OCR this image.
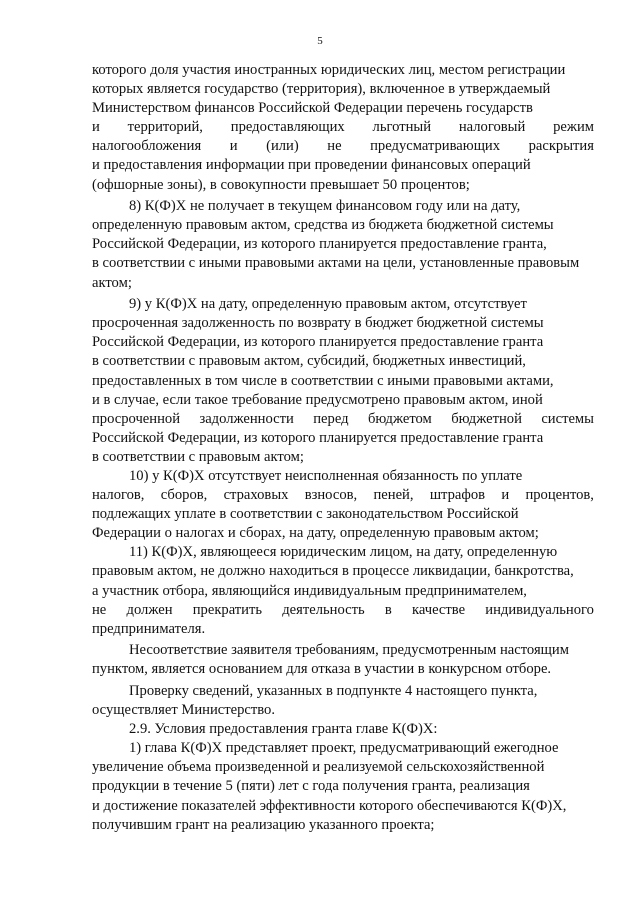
5
которого доля участия иностранных юридических лиц, местом регистрации
которых является государство (территория), включенное в утверждаемый
Министерством финансов Российской Федерации перечень государств
и территорий, предоставляющих льготный налоговый режим
налогообложения и (или) не предусматривающих раскрытия
и предоставления информации при проведении финансовых операций
(офшорные зоны), в совокупности превышает 50 процентов;
8) К(Ф)Х не получает в текущем финансовом году или на дату,
определенную правовым актом, средства из бюджета бюджетной системы
Российской Федерации, из которого планируется предоставление гранта,
в соответствии с иными правовыми актами на цели, установленные правовым
актом;
9) у К(Ф)Х на дату, определенную правовым актом, отсутствует
просроченная задолженность по возврату в бюджет бюджетной системы
Российской Федерации, из которого планируется предоставление гранта
в соответствии с правовым актом, субсидий, бюджетных инвестиций,
предоставленных в том числе в соответствии с иными правовыми актами,
и в случае, если такое требование предусмотрено правовым актом, иной
просроченной задолженности перед бюджетом бюджетной системы
Российской Федерации, из которого планируется предоставление гранта
в соответствии с правовым актом;
10) у К(Ф)Х отсутствует неисполненная обязанность по уплате
налогов, сборов, страховых взносов, пеней, штрафов и процентов,
подлежащих уплате в соответствии с законодательством Российской
Федерации о налогах и сборах, на дату, определенную правовым актом;
11) К(Ф)Х, являющееся юридическим лицом, на дату, определенную
правовым актом, не должно находиться в процессе ликвидации, банкротства,
а участник отбора, являющийся индивидуальным предпринимателем,
не должен прекратить деятельность в качестве индивидуального
предпринимателя.
Несоответствие заявителя требованиям, предусмотренным настоящим
пунктом, является основанием для отказа в участии в конкурсном отборе.
Проверку сведений, указанных в подпункте 4 настоящего пункта,
осуществляет Министерство.
2.9. Условия предоставления гранта главе К(Ф)Х:
1) глава К(Ф)Х представляет проект, предусматривающий ежегодное
увеличение объема произведенной и реализуемой сельскохозяйственной
продукции в течение 5 (пяти) лет с года получения гранта, реализация
и достижение показателей эффективности которого обеспечиваются К(Ф)Х,
получившим грант на реализацию указанного проекта;
